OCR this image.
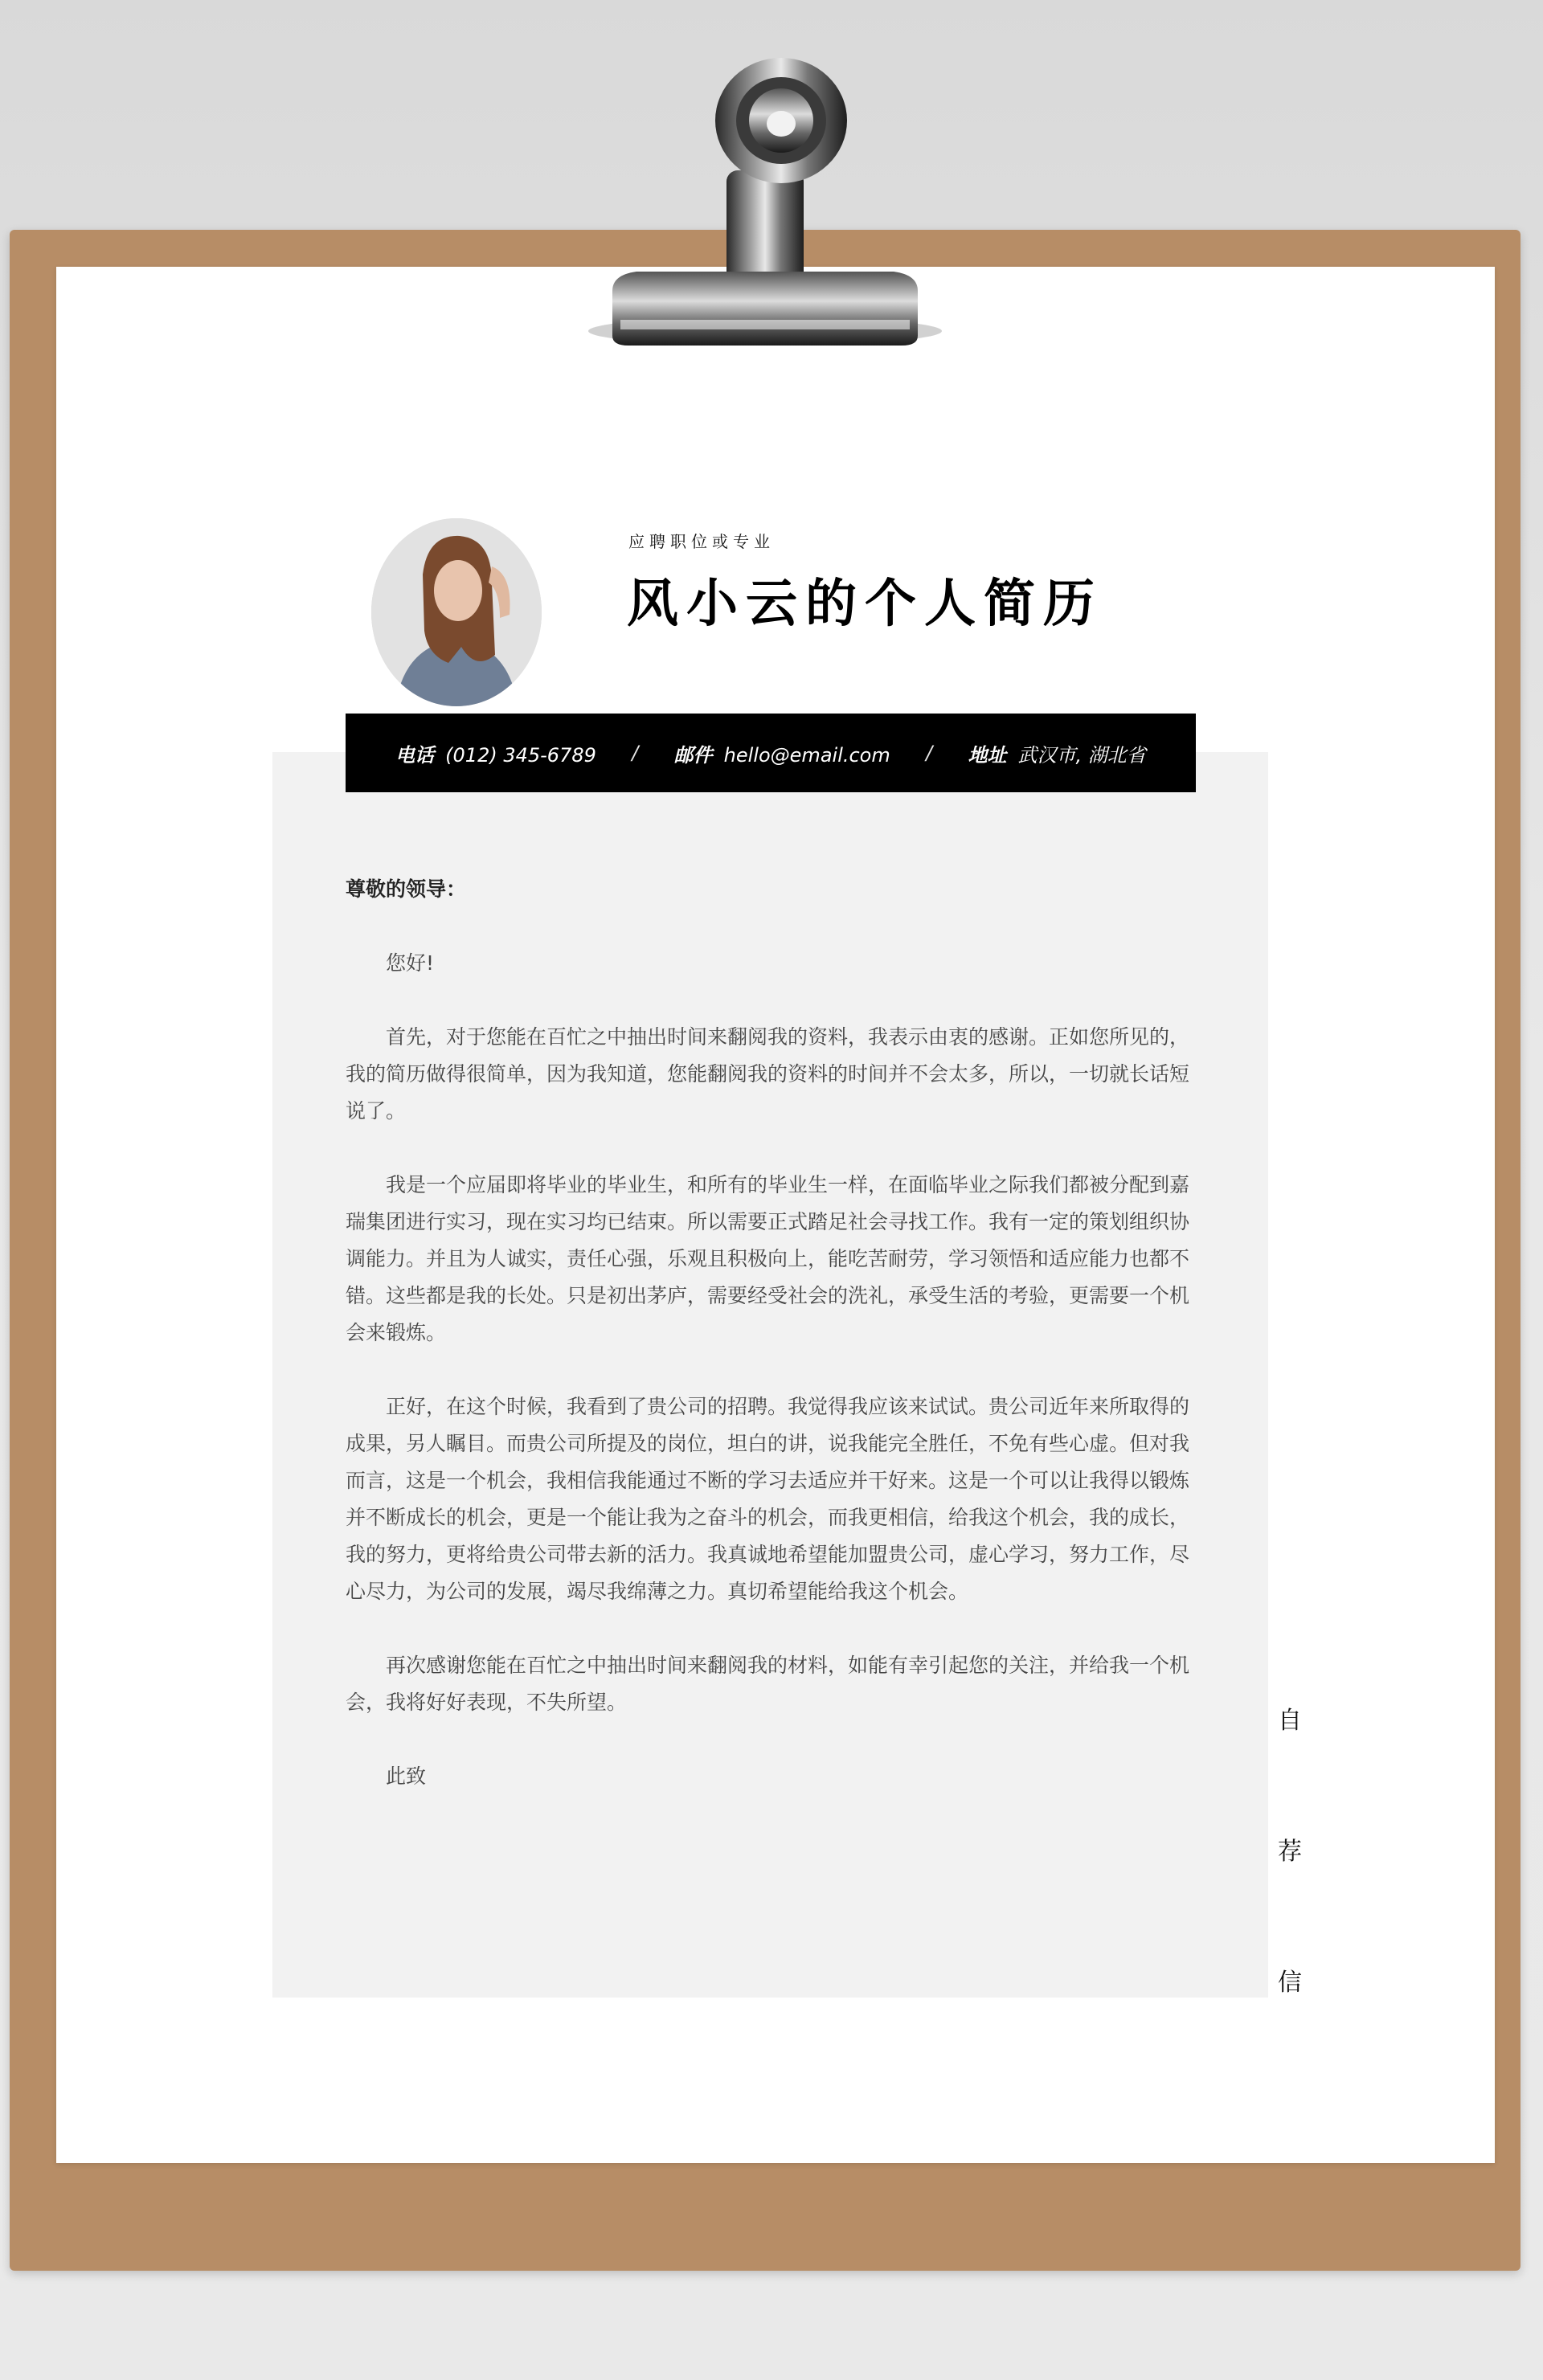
应聘职位或专业
风小云的个人简历
电话 (012) 345-6789 / 邮件 hello@email.com / 地址 武汉市, 湖北省

尊敬的领导：

您好!

首先，对于您能在百忙之中抽出时间来翻阅我的资料，我表示由衷的感谢。正如您所见的，我的简历做得很简单，因为我知道，您能翻阅我的资料的时间并不会太多，所以，一切就长话短说了。

我是一个应届即将毕业的毕业生，和所有的毕业生一样，在面临毕业之际我们都被分配到嘉瑞集团进行实习，现在实习均已结束。所以需要正式踏足社会寻找工作。我有一定的策划组织协调能力。并且为人诚实，责任心强，乐观且积极向上，能吃苦耐劳，学习领悟和适应能力也都不错。这些都是我的长处。只是初出茅庐，需要经受社会的洗礼，承受生活的考验，更需要一个机会来锻炼。

正好，在这个时候，我看到了贵公司的招聘。我觉得我应该来试试。贵公司近年来所取得的成果，另人瞩目。而贵公司所提及的岗位，坦白的讲，说我能完全胜任，不免有些心虚。但对我而言，这是一个机会，我相信我能通过不断的学习去适应并干好来。这是一个可以让我得以锻炼并不断成长的机会，更是一个能让我为之奋斗的机会，而我更相信，给我这个机会，我的成长，我的努力，更将给贵公司带去新的活力。我真诚地希望能加盟贵公司，虚心学习，努力工作，尽心尽力，为公司的发展，竭尽我绵薄之力。真切希望能给我这个机会。

再次感谢您能在百忙之中抽出时间来翻阅我的材料，如能有幸引起您的关注，并给我一个机会，我将好好表现，不失所望。

此致

自
荐
信
